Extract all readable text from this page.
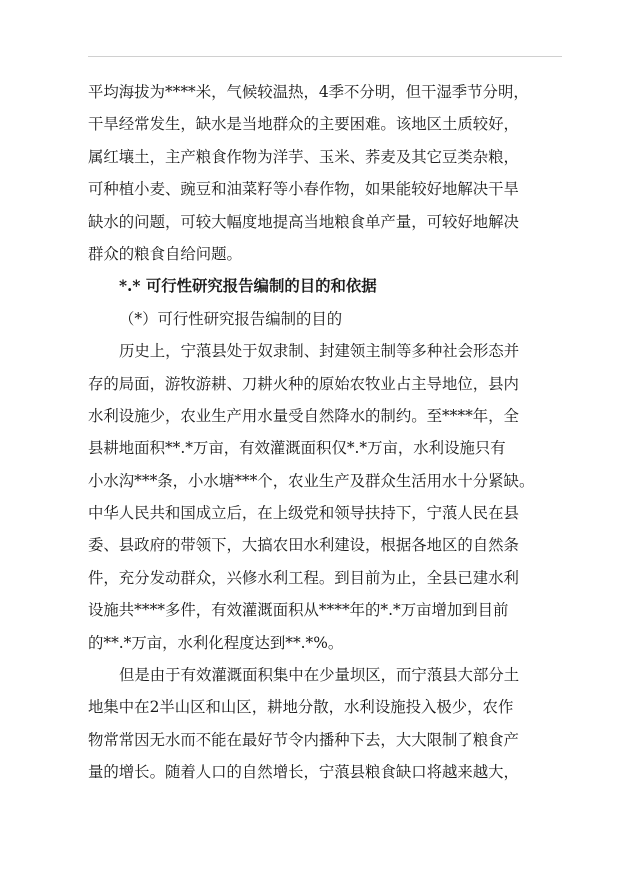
平均海拔为****米，气候较温热，4季不分明，但干湿季节分明，
干旱经常发生，缺水是当地群众的主要困难。该地区土质较好，
属红壤土，主产粮食作物为洋芋、玉米、荞麦及其它豆类杂粮，
可种植小麦、豌豆和油菜籽等小春作物，如果能较好地解决干旱
缺水的问题，可较大幅度地提高当地粮食单产量，可较好地解决
群众的粮食自给问题。
*.* 可行性研究报告编制的目的和依据
（*）可行性研究报告编制的目的
历史上，宁蒗县处于奴隶制、封建领主制等多种社会形态并
存的局面，游牧游耕、刀耕火种的原始农牧业占主导地位，县内
水利设施少，农业生产用水量受自然降水的制约。至****年，全
县耕地面积**.*万亩，有效灌溉面积仅*.*万亩，水利设施只有
小水沟***条，小水塘***个，农业生产及群众生活用水十分紧缺。
中华人民共和国成立后，在上级党和领导扶持下，宁蒗人民在县
委、县政府的带领下，大搞农田水利建设，根据各地区的自然条
件，充分发动群众，兴修水利工程。到目前为止，全县已建水利
设施共****多件，有效灌溉面积从****年的*.*万亩增加到目前
的**.*万亩，水利化程度达到**.*%。
但是由于有效灌溉面积集中在少量坝区，而宁蒗县大部分土
地集中在2半山区和山区，耕地分散，水利设施投入极少，农作
物常常因无水而不能在最好节令内播种下去，大大限制了粮食产
量的增长。随着人口的自然增长，宁蒗县粮食缺口将越来越大，
